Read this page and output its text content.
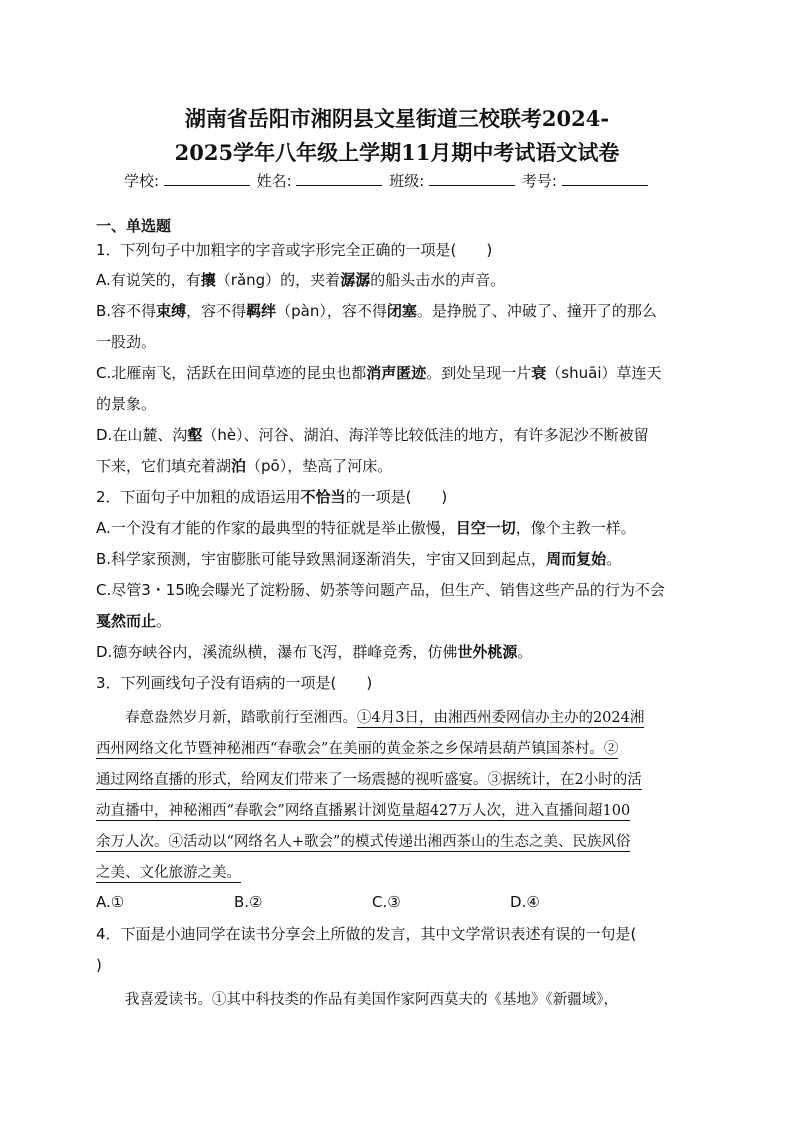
湖南省岳阳市湘阴县文星街道三校联考2024-
2025学年八年级上学期11月期中考试语文试卷
学校:	姓名:	班级:	考号:
一、单选题
1．下列句子中加粗字的字音或字形完全正确的一项是(　　)
A.有说笑的，有攘（rǎng）的，夹着潺潺的船头击水的声音。
B.容不得束缚，容不得羁绊（pàn），容不得闭塞。是挣脱了、冲破了、撞开了的那么
一股劲。
C.北雁南飞，活跃在田间草迹的昆虫也都消声匿迹。到处呈现一片衰（shuāi）草连天
的景象。
D.在山麓、沟壑（hè）、河谷、湖泊、海洋等比较低洼的地方，有许多泥沙不断被留
下来，它们填充着湖泊（pō），垫高了河床。
2．下面句子中加粗的成语运用不恰当的一项是(　　)
A.一个没有才能的作家的最典型的特征就是举止傲慢，目空一切，像个主教一样。
B.科学家预测，宇宙膨胀可能导致黑洞逐渐消失，宇宙又回到起点，周而复始。
C.尽管3・15晚会曝光了淀粉肠、奶茶等问题产品，但生产、销售这些产品的行为不会
戛然而止。
D.德夯峡谷内，溪流纵横，瀑布飞泻，群峰竞秀，仿佛世外桃源。
3．下列画线句子没有语病的一项是(　　)
　　春意盎然岁月新，踏歌前行至湘西。①4月3日，由湘西州委网信办主办的2024湘
西州网络文化节暨神秘湘西“春歌会”在美丽的黄金茶之乡保靖县葫芦镇国茶村。②
通过网络直播的形式，给网友们带来了一场震撼的视听盛宴。③据统计，在2小时的活
动直播中，神秘湘西“春歌会”网络直播累计浏览量超427万人次，进入直播间超100
余万人次。④活动以“网络名人+歌会”的模式传递出湘西茶山的生态之美、民族风俗
之美、文化旅游之美。
A.①	B.②	C.③	D.④
4．下面是小迪同学在读书分享会上所做的发言，其中文学常识表述有误的一句是(
)
　　我喜爱读书。①其中科技类的作品有美国作家阿西莫夫的《基地》《新疆域》，
